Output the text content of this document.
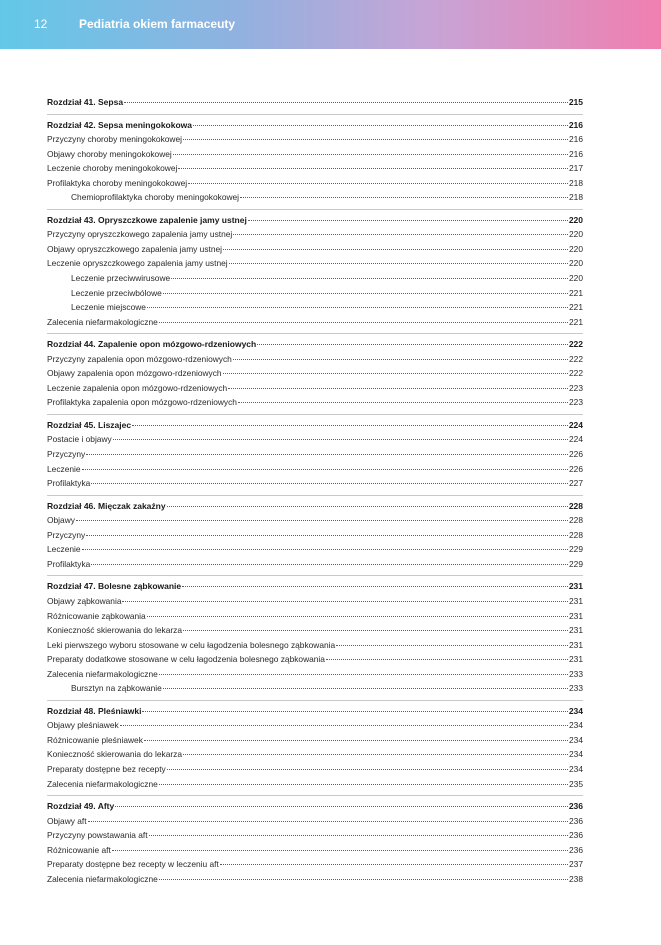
12	Pediatria okiem farmaceuty
Rozdział 41. Sepsa	215
Rozdział 42. Sepsa meningokokowa	216
Przyczyny choroby meningokokowej	216
Objawy choroby meningokokowej	216
Leczenie choroby meningokokowej	217
Profilaktyka choroby meningokokowej	218
Chemioprofilaktyka choroby meningokokowej	218
Rozdział 43. Opryszczkowe zapalenie jamy ustnej	220
Przyczyny opryszczkowego zapalenia jamy ustnej	220
Objawy opryszczkowego zapalenia jamy ustnej	220
Leczenie opryszczkowego zapalenia jamy ustnej	220
Leczenie przeciwwirusowe	220
Leczenie przeciwbólowe	221
Leczenie miejscowe	221
Zalecenia niefarmakologiczne	221
Rozdział 44. Zapalenie opon mózgowo-rdzeniowych	222
Przyczyny zapalenia opon mózgowo-rdzeniowych	222
Objawy zapalenia opon mózgowo-rdzeniowych	222
Leczenie zapalenia opon mózgowo-rdzeniowych	223
Profilaktyka zapalenia opon mózgowo-rdzeniowych	223
Rozdział 45. Liszajec	224
Postacie i objawy	224
Przyczyny	226
Leczenie	226
Profilaktyka	227
Rozdział 46. Mięczak zakaźny	228
Objawy	228
Przyczyny	228
Leczenie	229
Profilaktyka	229
Rozdział 47. Bolesne ząbkowanie	231
Objawy ząbkowania	231
Różnicowanie ząbkowania	231
Konieczność skierowania do lekarza	231
Leki pierwszego wyboru stosowane w celu łagodzenia bolesnego ząbkowania	231
Preparaty dodatkowe stosowane w celu łagodzenia bolesnego ząbkowania	231
Zalecenia niefarmakologiczne	233
Bursztyn na ząbkowanie	233
Rozdział 48. Pleśniawki	234
Objawy pleśniawek	234
Różnicowanie pleśniawek	234
Konieczność skierowania do lekarza	234
Preparaty dostępne bez recepty	234
Zalecenia niefarmakologiczne	235
Rozdział 49. Afty	236
Objawy aft	236
Przyczyny powstawania aft	236
Różnicowanie aft	236
Preparaty dostępne bez recepty w leczeniu aft	237
Zalecenia niefarmakologiczne	238
